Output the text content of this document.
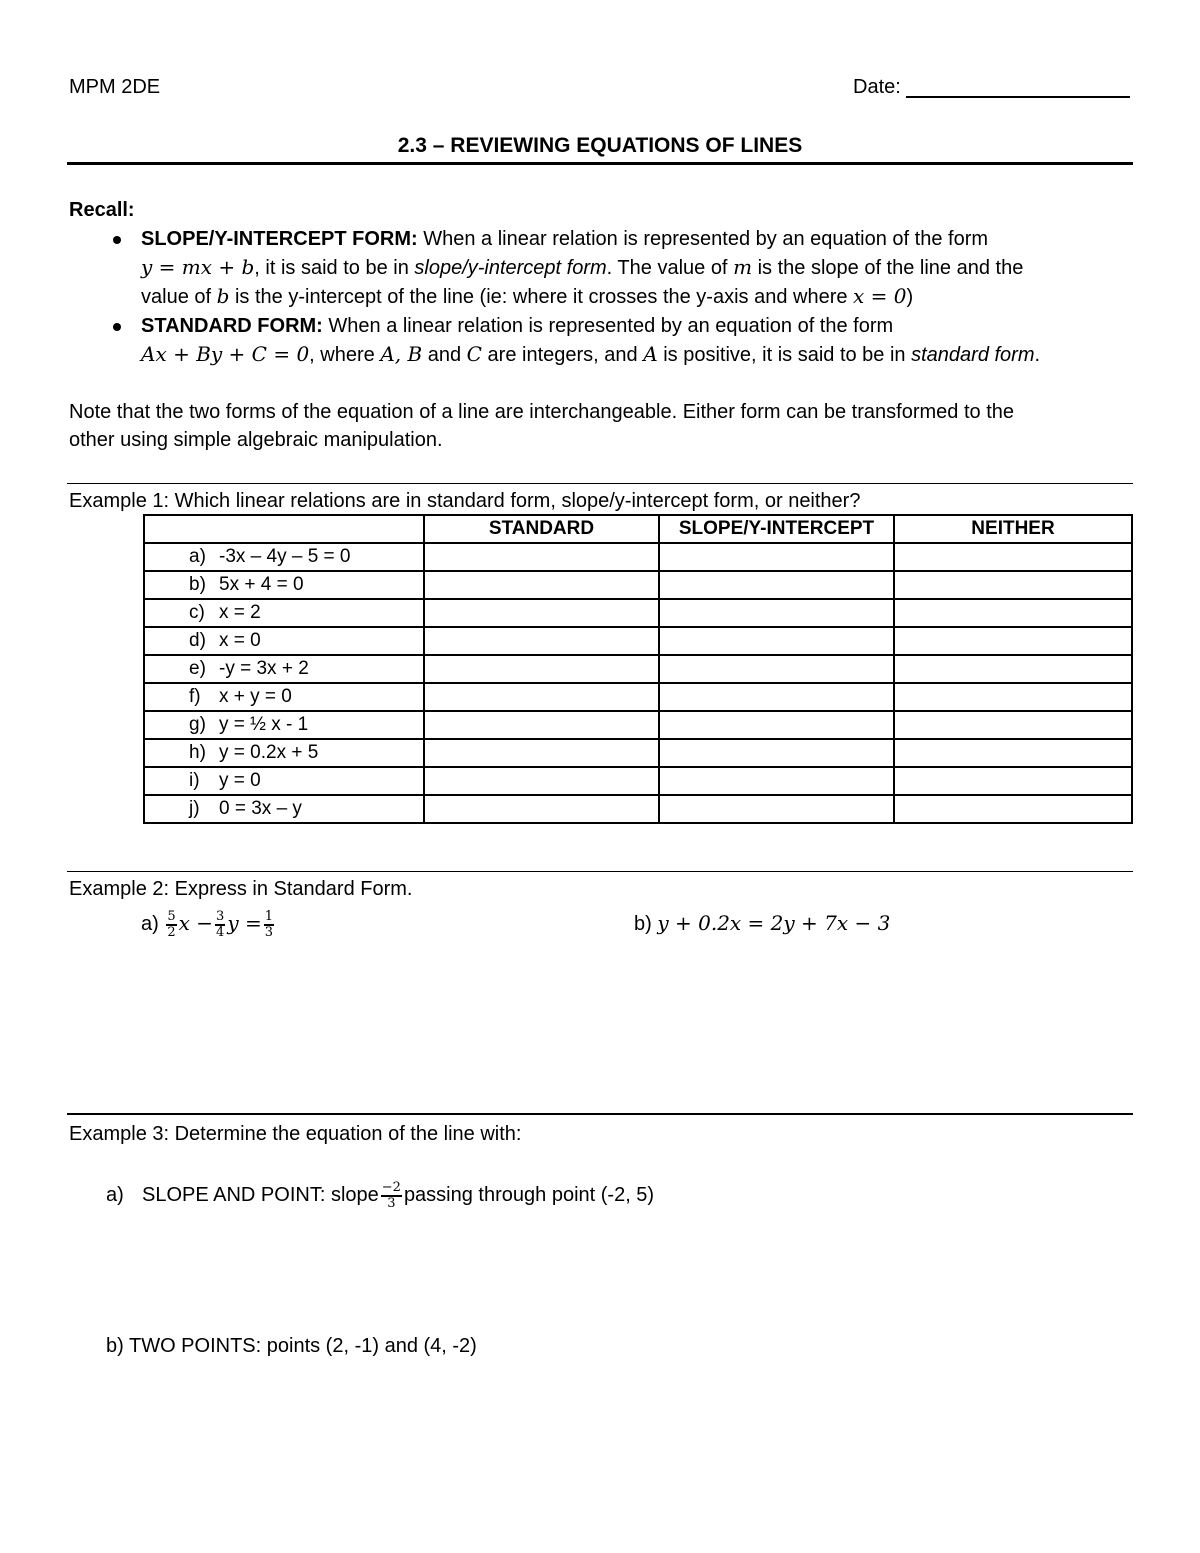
MPM 2DE	Date:
2.3 – REVIEWING EQUATIONS OF LINES
Recall:
SLOPE/Y-INTERCEPT FORM: When a linear relation is represented by an equation of the form
y = mx + b, it is said to be in slope/y-intercept form. The value of m is the slope of the line and the
value of b is the y-intercept of the line (ie: where it crosses the y-axis and where x = 0)
STANDARD FORM: When a linear relation is represented by an equation of the form
Ax + By + C = 0, where A, B and C are integers, and A is positive, it is said to be in standard form.
Note that the two forms of the equation of a line are interchangeable. Either form can be transformed to the
other using simple algebraic manipulation.
Example 1: Which linear relations are in standard form, slope/y-intercept form, or neither?
	STANDARD	SLOPE/Y-INTERCEPT	NEITHER
a) -3x – 4y – 5 = 0			
b) 5x + 4 = 0			
c) x = 2			
d) x = 0			
e) -y = 3x + 2			
f) x + y = 0			
g) y = ½ x - 1			
h) y = 0.2x + 5			
i) y = 0			
j) 0 = 3x – y			
Example 2: Express in Standard Form.
$a) \frac{5}{2}$ $x - \frac{3}{4}$ $y = \frac{1}{3}$	b) y + 0.2x = 2y + 7x − 3
Example 3: Determine the equation of the line with:
a) SLOPE AND POINT: slope $\frac{-2}{3}$ passing through point (-2, 5)
b) TWO POINTS: points (2, -1) and (4, -2)
